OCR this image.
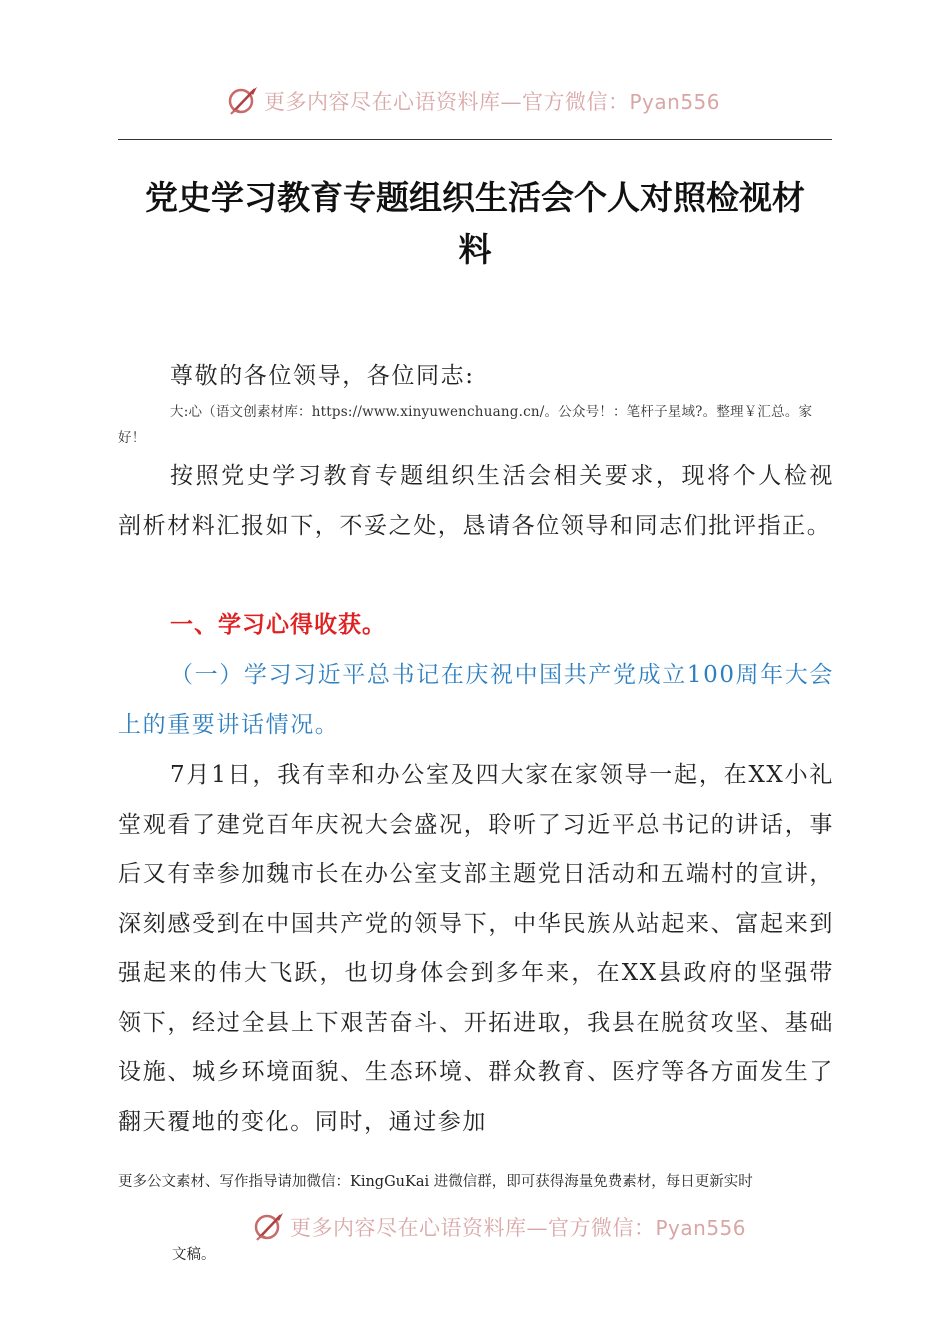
更多内容尽在心语资料库—官方微信：Pyan556
党史学习教育专题组织生活会个人对照检视材
料

尊敬的各位领导，各位同志:

大:心（语文创素材库：https://www.xinyuwenchuang.cn/。公众号！：笔杆子星域?。整理￥汇总。家好！

按照党史学习教育专题组织生活会相关要求，现将个人检视剖析材料汇报如下，不妥之处，恳请各位领导和同志们批评指正。

一、学习心得收获。

（一）学习习近平总书记在庆祝中国共产党成立100周年大会上的重要讲话情况。

7月1日，我有幸和办公室及四大家在家领导一起，在XX小礼堂观看了建党百年庆祝大会盛况，聆听了习近平总书记的讲话，事后又有幸参加魏市长在办公室支部主题党日活动和五端村的宣讲，深刻感受到在中国共产党的领导下，中华民族从站起来、富起来到强起来的伟大飞跃，也切身体会到多年来，在XX县政府的坚强带领下，经过全县上下艰苦奋斗、开拓进取，我县在脱贫攻坚、基础设施、城乡环境面貌、生态环境、群众教育、医疗等各方面发生了翻天覆地的变化。同时，通过参加

更多公文素材、写作指导请加微信：KingGuKai 进微信群，即可获得海量免费素材，每日更新实时

更多内容尽在心语资料库—官方微信：Pyan556

文稿。
